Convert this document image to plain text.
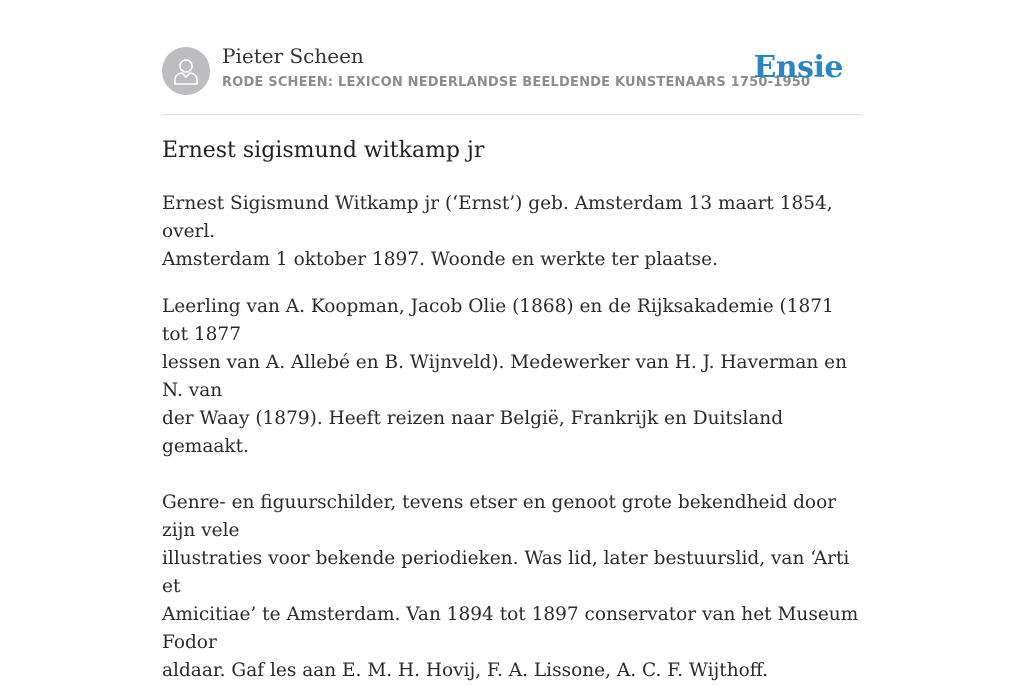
Pieter Scheen
RODE SCHEEN: LEXICON NEDERLANDSE BEELDENDE KUNSTENAARS 1750-1950
Ensie
Ernest sigismund witkamp jr

Ernest Sigismund Witkamp jr (‘Ernst’) geb. Amsterdam 13 maart 1854, overl.
Amsterdam 1 oktober 1897. Woonde en werkte ter plaatse.

Leerling van A. Koopman, Jacob Olie (1868) en de Rijksakademie (1871 tot 1877
lessen van A. Allebé en B. Wijnveld). Medewerker van H. J. Haverman en N. van
der Waay (1879). Heeft reizen naar België, Frankrijk en Duitsland gemaakt.

Genre- en figuurschilder, tevens etser en genoot grote bekendheid door zijn vele
illustraties voor bekende periodieken. Was lid, later bestuurslid, van ‘Arti et
Amicitiae’ te Amsterdam. Van 1894 tot 1897 conservator van het Museum Fodor
aldaar. Gaf les aan E. M. H. Hovij, F. A. Lissone, A. C. F. Wijthoff.
